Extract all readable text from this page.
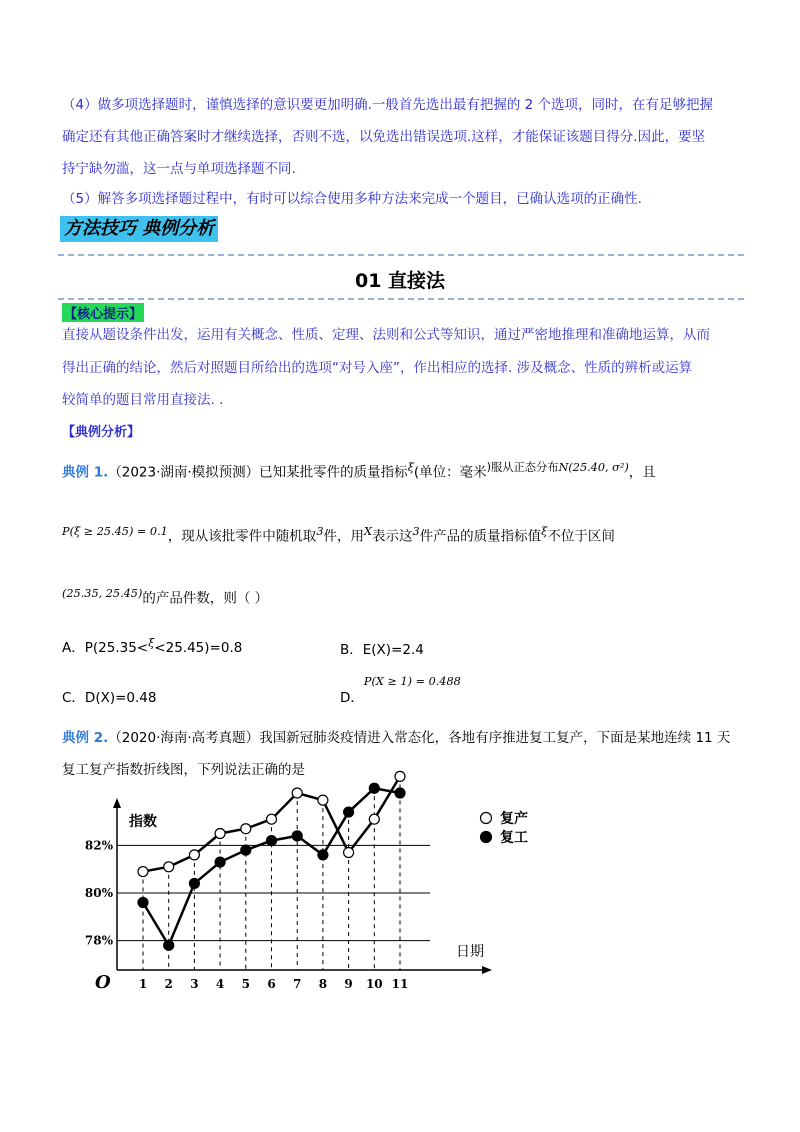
（4）做多项选择题时，谨慎选择的意识要更加明确.一般首先选出最有把握的 2 个选项，同时，在有足够把握
确定还有其他正确答案时才继续选择，否则不选，以免选出错误选项.这样，才能保证该题目得分.因此，要坚
持宁缺勿滥，这一点与单项选择题不同.
（5）解答多项选择题过程中，有时可以综合使用多种方法来完成一个题目，已确认选项的正确性.
方法技巧 典例分析
01 直接法
【核心提示】
直接从题设条件出发，运用有关概念、性质、定理、法则和公式等知识，通过严密地推理和准确地运算，从而
得出正确的结论，然后对照题目所给出的选项“对号入座”，作出相应的选择. 涉及概念、性质的辨析或运算
较简单的题目常用直接法. .
【典例分析】
典例 1.（2023·湖南·模拟预测）已知某批零件的质量指标$^\xi$(单位：毫米$^{)服从正态分布N(25.40, \sigma^2)}$，且
$^{P(\xi \ge 25.45) = 0.1}$，现从该批零件中随机取$^3$件，用$^X$表示这$^3$件产品的质量指标值$^\xi$不位于区间
$^{(25.35, 25.45)}$的产品件数，则（ ）
A．P(25.35<$^\xi$<25.45)=0.8	B．E(X)=2.4
C．D(X)=0.48	D．$^{P(X \ge 1) = 0.488}$
典例 2.（2020·海南·高考真题）我国新冠肺炎疫情进入常态化，各地有序推进复工复产，下面是某地连续 11 天
复工复产指数折线图，下列说法正确的是
78%
80%
82%
指数
日期
O 1 2 3 4 5 6 7 8 9 10 11
复产
复工
